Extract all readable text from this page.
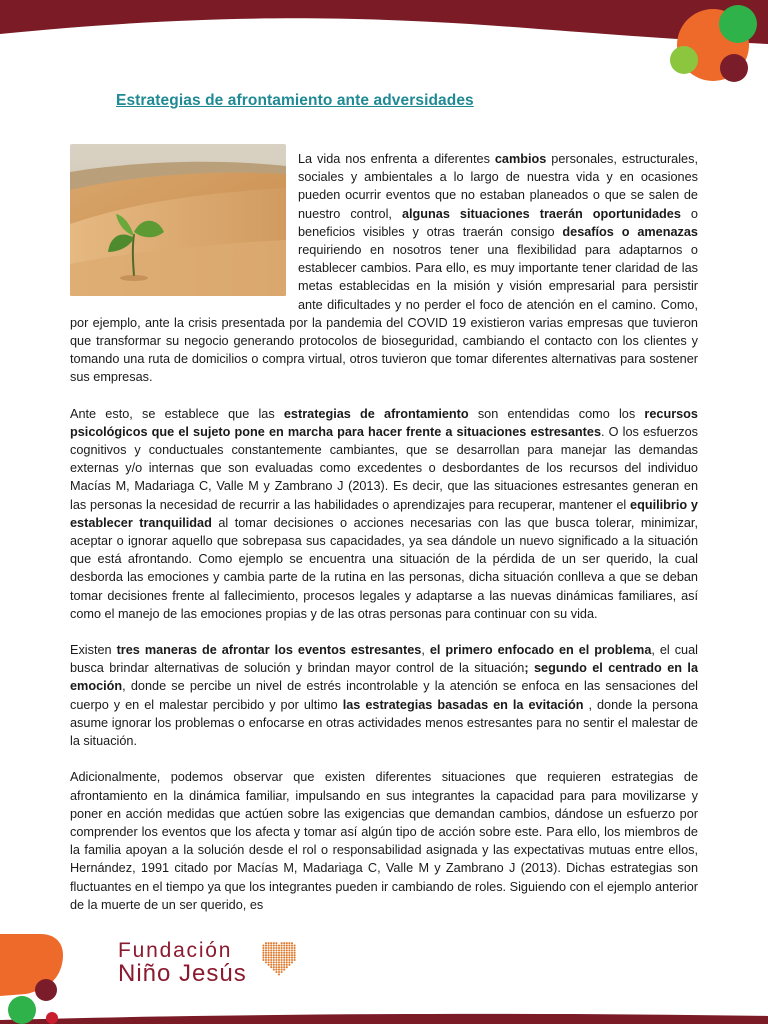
Estrategias de afrontamiento ante adversidades

La vida nos enfrenta a diferentes cambios personales, estructurales, sociales y ambientales a lo largo de nuestra vida y en ocasiones pueden ocurrir eventos que no estaban planeados o que se salen de nuestro control, algunas situaciones traerán oportunidades o beneficios visibles y otras traerán consigo desafíos o amenazas requiriendo en nosotros tener una flexibilidad para adaptarnos o establecer cambios. Para ello, es muy importante tener claridad de las metas establecidas en la misión y visión empresarial para persistir ante dificultades y no perder el foco de atención en el camino. Como, por ejemplo, ante la crisis presentada por la pandemia del COVID 19 existieron varias empresas que tuvieron que transformar su negocio generando protocolos de bioseguridad, cambiando el contacto con los clientes y tomando una ruta de domicilios o compra virtual, otros tuvieron que tomar diferentes alternativas para sostener sus empresas.

Ante esto, se establece que las estrategias de afrontamiento son entendidas como los recursos psicológicos que el sujeto pone en marcha para hacer frente a situaciones estresantes. O los esfuerzos cognitivos y conductuales constantemente cambiantes, que se desarrollan para manejar las demandas externas y/o internas que son evaluadas como excedentes o desbordantes de los recursos del individuo Macías M, Madariaga C, Valle M y Zambrano J (2013). Es decir, que las situaciones estresantes generan en las personas la necesidad de recurrir a las habilidades o aprendizajes para recuperar, mantener el equilibrio y establecer tranquilidad al tomar decisiones o acciones necesarias con las que busca tolerar, minimizar, aceptar o ignorar aquello que sobrepasa sus capacidades, ya sea dándole un nuevo significado a la situación que está afrontando. Como ejemplo se encuentra una situación de la pérdida de un ser querido, la cual desborda las emociones y cambia parte de la rutina en las personas, dicha situación conlleva a que se deban tomar decisiones frente al fallecimiento, procesos legales y adaptarse a las nuevas dinámicas familiares, así como el manejo de las emociones propias y de las otras personas para continuar con su vida.

Existen tres maneras de afrontar los eventos estresantes, el primero enfocado en el problema, el cual busca brindar alternativas de solución y brindan mayor control de la situación; segundo el centrado en la emoción, donde se percibe un nivel de estrés incontrolable y la atención se enfoca en las sensaciones del cuerpo y en el malestar percibido y por ultimo las estrategias basadas en la evitación , donde la persona asume ignorar los problemas o enfocarse en otras actividades menos estresantes para no sentir el malestar de la situación.

Adicionalmente, podemos observar que existen diferentes situaciones que requieren estrategias de afrontamiento en la dinámica familiar, impulsando en sus integrantes la capacidad para para movilizarse y poner en acción medidas que actúen sobre las exigencias que demandan cambios, dándose un esfuerzo por comprender los eventos que los afecta y tomar así algún tipo de acción sobre este. Para ello, los miembros de la familia apoyan a la solución desde el rol o responsabilidad asignada y las expectativas mutuas entre ellos, Hernández, 1991 citado por Macías M, Madariaga C, Valle M y Zambrano J (2013). Dichas estrategias son fluctuantes en el tiempo ya que los integrantes pueden ir cambiando de roles. Siguiendo con el ejemplo anterior de la muerte de un ser querido, es

Fundación
Niño Jesús
